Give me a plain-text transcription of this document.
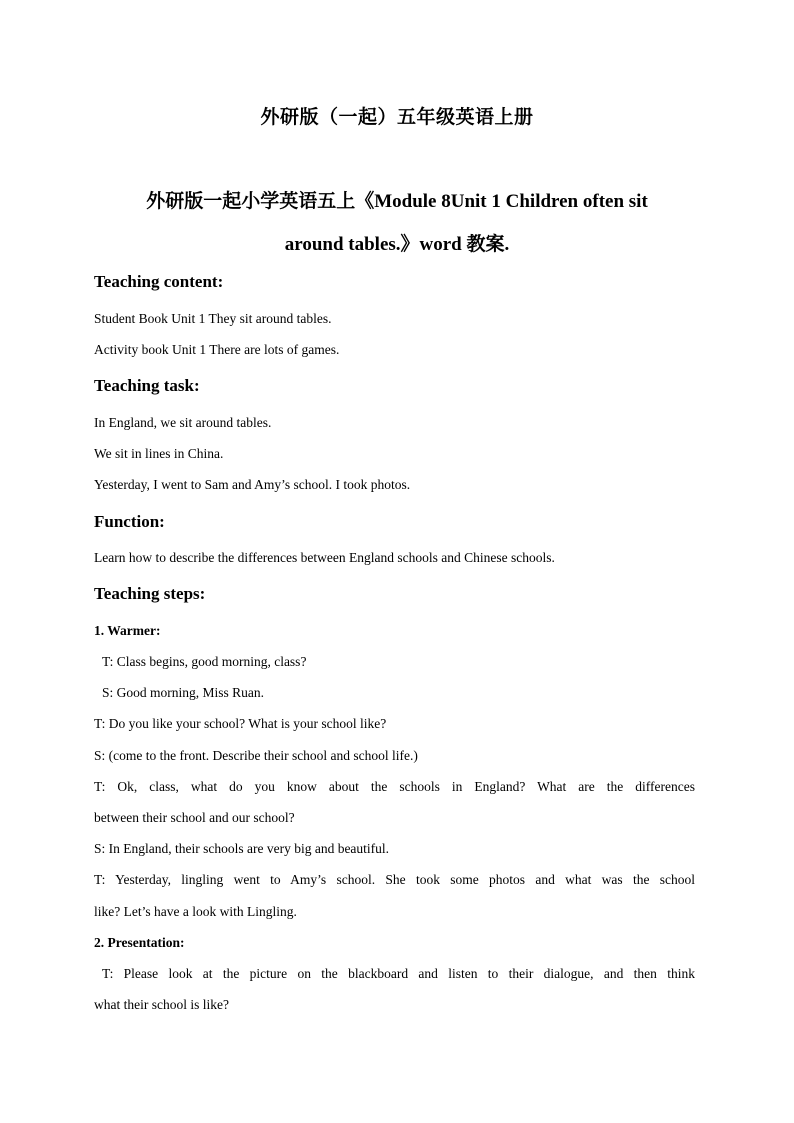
外研版（一起）五年级英语上册
外研版一起小学英语五上《Module 8Unit 1 Children often sit
around tables.》word 教案.
Teaching content:
Student Book Unit 1 They sit around tables.
Activity book Unit 1 There are lots of games.
Teaching task:
In England, we sit around tables.
We sit in lines in China.
Yesterday, I went to Sam and Amy’s school. I took photos.
Function:
Learn how to describe the differences between England schools and Chinese schools.
Teaching steps:
1. Warmer:
T: Class begins, good morning, class?
S: Good morning, Miss Ruan.
T: Do you like your school? What is your school like?
S: (come to the front. Describe their school and school life.)
T: Ok, class, what do you know about the schools in England? What are the differences
between their school and our school?
S: In England, their schools are very big and beautiful.
T: Yesterday, lingling went to Amy’s school. She took some photos and what was the school
like? Let’s have a look with Lingling.
2. Presentation:
T: Please look at the picture on the blackboard and listen to their dialogue, and then think
what their school is like?
